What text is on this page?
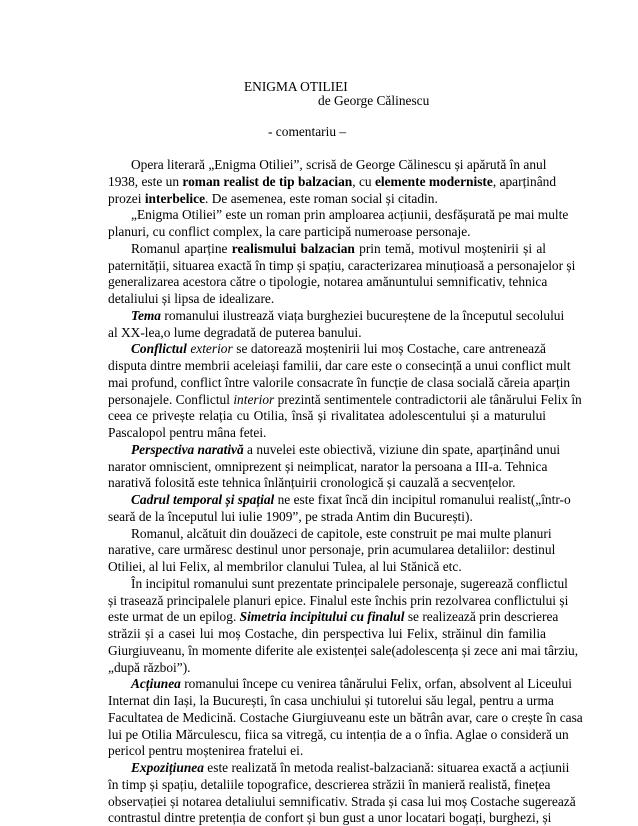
ENIGMA OTILIEI
de George Călinescu
- comentariu –

Opera literară „Enigma Otiliei”, scrisă de George Călinescu și apărută în anul

1938, este un roman realist de tip balzacian, cu elemente moderniste, aparținând

prozei interbelice. De asemenea, este roman social și citadin.

„Enigma Otiliei” este un roman prin amploarea acțiunii, desfășurată pe mai multe

planuri, cu conflict complex, la care participă numeroase personaje.

Romanul aparține realismului balzacian prin temă, motivul moștenirii și al

paternității, situarea exactă în timp și spațiu, caracterizarea minuțioasă a personajelor și

generalizarea acestora către o tipologie, notarea amănuntului semnificativ, tehnica

detaliului și lipsa de idealizare.

Tema romanului ilustrează viața burgheziei bucureștene de la începutul secolului

al XX-lea,o lume degradată de puterea banului.

Conflictul exterior se datorează moștenirii lui moș Costache, care antrenează

disputa dintre membrii aceleiași familii, dar care este o consecință a unui conflict mult

mai profund, conflict între valorile consacrate în funcție de clasa socială căreia aparțin

personajele. Conflictul interior prezintă sentimentele contradictorii ale tânărului Felix în

ceea ce privește relația cu Otilia, însă și rivalitatea adolescentului și a maturului

Pascalopol pentru mâna fetei.

Perspectiva narativă a nuvelei este obiectivă, viziune din spate, aparținând unui

narator omniscient, omniprezent și neimplicat, narator la persoana a III-a. Tehnica

narativă folosită este tehnica înlănțuirii cronologică și cauzală a secvențelor.

Cadrul temporal și spațial ne este fixat încă din incipitul romanului realist(„într-o

seară de la începutul lui iulie 1909”, pe strada Antim din București).

Romanul, alcătuit din douăzeci de capitole, este construit pe mai multe planuri

narative, care urmăresc destinul unor personaje, prin acumularea detaliilor: destinul

Otiliei, al lui Felix, al membrilor clanului Tulea, al lui Stănică etc.

În incipitul romanului sunt prezentate principalele personaje, sugerează conflictul

și trasează principalele planuri epice. Finalul este închis prin rezolvarea conflictului și

este urmat de un epilog. Simetria incipitului cu finalul se realizează prin descrierea

străzii și a casei lui moș Costache, din perspectiva lui Felix, străinul din familia

Giurgiuveanu, în momente diferite ale existenței sale(adolescența și zece ani mai târziu,

„după război”).

Acțiunea romanului începe cu venirea tânărului Felix, orfan, absolvent al Liceului

Internat din Iași, la București, în casa unchiului și tutorelui său legal, pentru a urma

Facultatea de Medicină. Costache Giurgiuveanu este un bătrân avar, care o crește în casa

lui pe Otilia Mărculescu, fiica sa vitregă, cu intenția de a o înfia. Aglae o consideră un

pericol pentru moștenirea fratelui ei.

Expozițiunea este realizată în metoda realist-balzaciană: situarea exactă a acțiunii

în timp și spațiu, detaliile topografice, descrierea străzii în manieră realistă, finețea

observației și notarea detaliului semnificativ. Strada și casa lui moș Costache sugerează

contrastul dintre pretenția de confort și bun gust a unor locatari bogați, burghezi, și
